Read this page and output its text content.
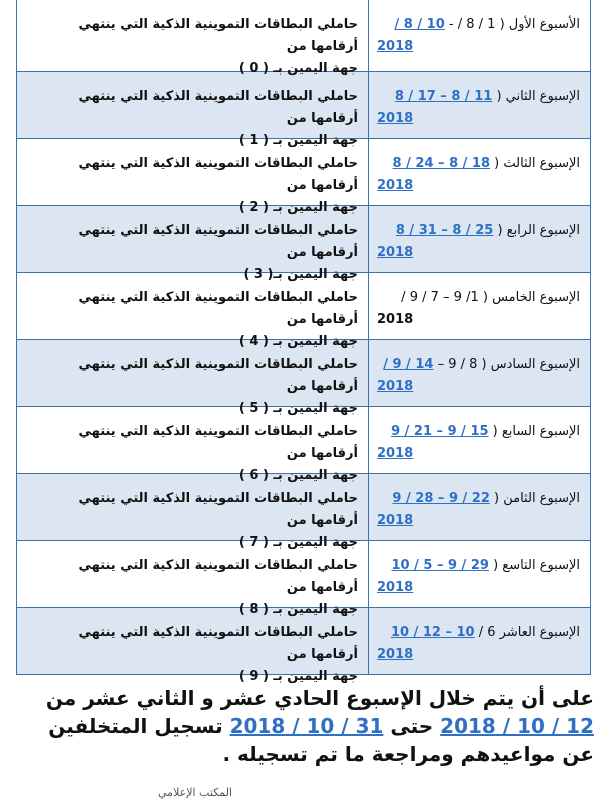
الأسبوع الأول ( 1 / 8 / - 10 / 8 /
2018
حاملي البطاقات التموينية الذكية التي ينتهي أرقامها من
جهة اليمين بـ ( 0 )
الإسبوع الثاني ( 11 / 8 – 17 / 8
2018
حاملي البطاقات التموينية الذكية التي ينتهي أرقامها من
جهة اليمين بـ ( 1 )
الإسبوع الثالث ( 18 / 8 – 24 / 8
2018
حاملي البطاقات التموينية الذكية التي ينتهي أرقامها من
جهة اليمين بـ ( 2 )
الإسبوع الرابع ( 25 / 8 – 31 / 8
2018
حاملي البطاقات التموينية الذكية التي ينتهي أرقامها من
جهة اليمين بـ( 3 )
الإسبوع الخامس ( 1/ 9 – 7 / 9 /
2018
حاملي البطاقات التموينية الذكية التي ينتهي أرقامها من
جهة اليمين بـ ( 4 )
الإسبوع السادس ( 8 / 9 – 14 / 9 /
2018
حاملي البطاقات التموينية الذكية التي ينتهي أرقامها من
جهة اليمين بـ ( 5 )
الإسبوع السابع ( 15 / 9 – 21 / 9
2018
حاملي البطاقات التموينية الذكية التي ينتهي أرقامها من
جهة اليمين بـ ( 6 )
الإسبوع الثامن ( 22 / 9 – 28 / 9
2018
حاملي البطاقات التموينية الذكية التي ينتهي أرقامها من
جهة اليمين بـ ( 7 )
الإسبوع التاسع ( 29 / 9 – 5 / 10
2018
حاملي البطاقات التموينية الذكية التي ينتهي أرقامها من
جهة اليمين بـ ( 8 )
الإسبوع العاشر 6 / 10 – 12 / 10
2018
حاملي البطاقات التموينية الذكية التي ينتهي أرقامها من
جهة اليمين بـ ( 9 )
على أن يتم خلال الإسبوع الحادي عشر و الثاني عشر من 12 / 10 / 2018 حتى 31 / 10 / 2018 تسجيل المتخلفين عن مواعيدهم ومراجعة ما تم تسجيله .
المكتب الإعلامي
